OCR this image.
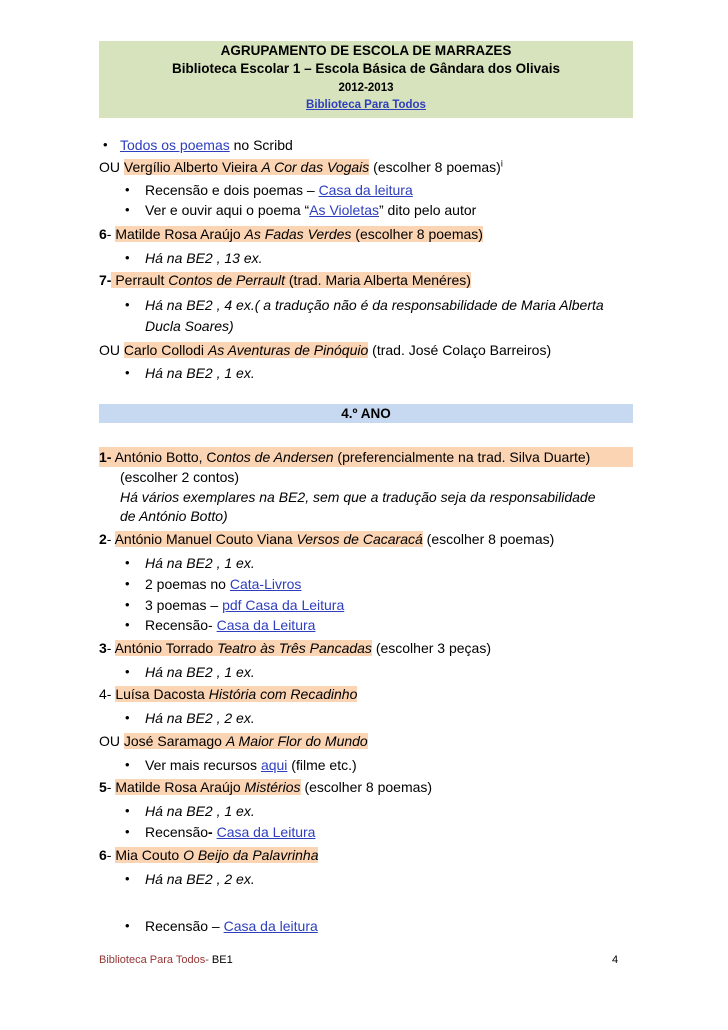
AGRUPAMENTO DE ESCOLA DE MARRAZES
Biblioteca Escolar 1 – Escola Básica de Gândara dos Olivais
2012-2013
Biblioteca Para Todos
• Todos os poemas no Scribd
OU Vergílio Alberto Vieira A Cor das Vogais (escolher 8 poemas)$^i$
• Recensão e dois poemas – Casa da leitura
• Ver e ouvir aqui o poema “As Violetas” dito pelo autor
6- Matilde Rosa Araújo As Fadas Verdes (escolher 8 poemas)
• Há na BE2 , 13 ex.
7- Perrault Contos de Perrault (trad. Maria Alberta Menéres)
• Há na BE2 , 4 ex.( a tradução não é da responsabilidade de Maria Alberta
Ducla Soares)
OU Carlo Collodi As Aventuras de Pinóquio (trad. José Colaço Barreiros)
• Há na BE2 , 1 ex.
4.º ANO
1- António Botto, Contos de Andersen (preferencialmente na trad. Silva Duarte)
(escolher 2 contos)
Há vários exemplares na BE2, sem que a tradução seja da responsabilidade
de António Botto)
2- António Manuel Couto Viana Versos de Cacaracá (escolher 8 poemas)
• Há na BE2 , 1 ex.
• 2 poemas no Cata-Livros
• 3 poemas – pdf Casa da Leitura
• Recensão- Casa da Leitura
3- António Torrado Teatro às Três Pancadas (escolher 3 peças)
• Há na BE2 , 1 ex.
4- Luísa Dacosta História com Recadinho
• Há na BE2 , 2 ex.
OU José Saramago A Maior Flor do Mundo
• Ver mais recursos aqui (filme etc.)
5- Matilde Rosa Araújo Mistérios (escolher 8 poemas)
• Há na BE2 , 1 ex.
• Recensão- Casa da Leitura
6- Mia Couto O Beijo da Palavrinha
• Há na BE2 , 2 ex.
• Recensão – Casa da leitura
Biblioteca Para Todos- BE1	4
